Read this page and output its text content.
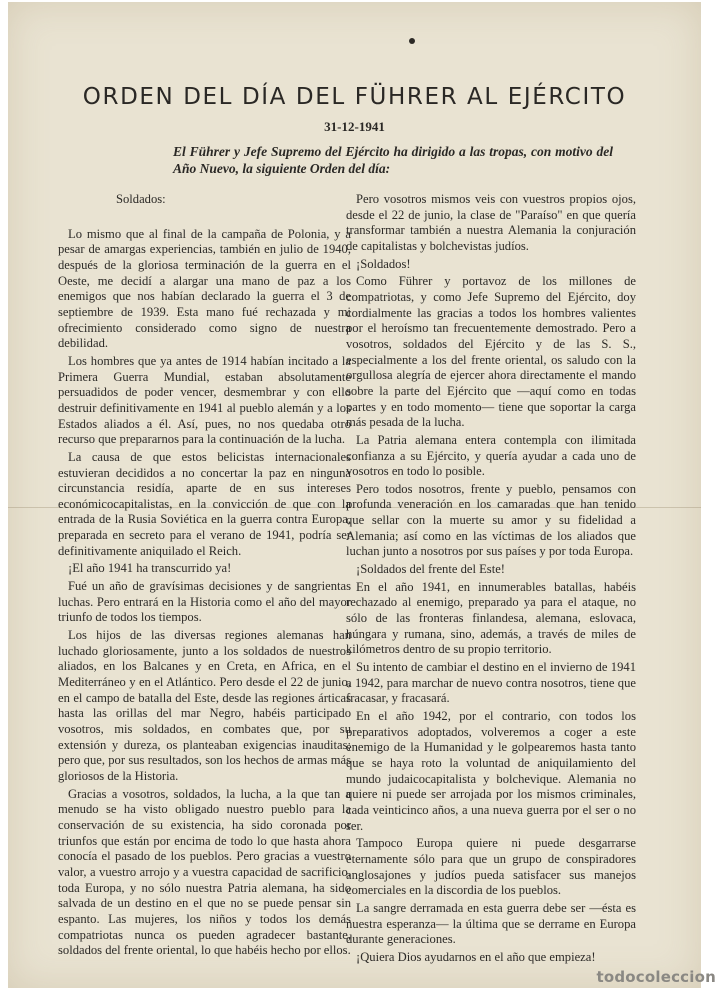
ORDEN DEL DÍA DEL FÜHRER AL EJÉRCITO
31-12-1941

El Führer y Jefe Supremo del Ejército ha dirigido a las tropas, con motivo del Año Nuevo, la siguiente Orden del día:

Soldados:

Lo mismo que al final de la campaña de Polonia, y a pesar de amargas experiencias, también en julio de 1940, después de la gloriosa terminación de la guerra en el Oeste, me decidí a alargar una mano de paz a los enemigos que nos habían declarado la guerra el 3 de septiembre de 1939. Esta mano fué rechazada y mi ofrecimiento considerado como signo de nuestra debilidad.

Los hombres que ya antes de 1914 habían incitado a la Primera Guerra Mundial, estaban absolutamente persuadidos de poder vencer, desmembrar y con ello destruir definitivamente en 1941 al pueblo alemán y a los Estados aliados a él. Así, pues, no nos quedaba otro recurso que prepararnos para la continuación de la lucha.

La causa de que estos belicistas internacionales estuvieran decididos a no concertar la paz en ninguna circunstancia residía, aparte de en sus intereses económicocapitalistas, en la convicción de que con la entrada de la Rusia Soviética en la guerra contra Europa, preparada en secreto para el verano de 1941, podría ser definitivamente aniquilado el Reich.

¡El año 1941 ha transcurrido ya!

Fué un año de gravísimas decisiones y de sangrientas luchas. Pero entrará en la Historia como el año del mayor triunfo de todos los tiempos.

Los hijos de las diversas regiones alemanas han luchado gloriosamente, junto a los soldados de nuestros aliados, en los Balcanes y en Creta, en Africa, en el Mediterráneo y en el Atlántico. Pero desde el 22 de junio, en el campo de batalla del Este, desde las regiones árticas hasta las orillas del mar Negro, habéis participado vosotros, mis soldados, en combates que, por su extensión y dureza, os planteaban exigencias inauditas; pero que, por sus resultados, son los hechos de armas más gloriosos de la Historia.

Gracias a vosotros, soldados, la lucha, a la que tan a menudo se ha visto obligado nuestro pueblo para la conservación de su existencia, ha sido coronada por triunfos que están por encima de todo lo que hasta ahora conocía el pasado de los pueblos. Pero gracias a vuestro valor, a vuestro arrojo y a vuestra capacidad de sacrificio, toda Europa, y no sólo nuestra Patria alemana, ha sido salvada de un destino en el que no se puede pensar sin espanto. Las mujeres, los niños y todos los demás compatriotas nunca os pueden agradecer bastante, soldados del frente oriental, lo que habéis hecho por ellos.

Pero vosotros mismos veis con vuestros propios ojos, desde el 22 de junio, la clase de "Paraíso" en que quería transformar también a nuestra Alemania la conjuración de capitalistas y bolchevistas judíos.

¡Soldados!

Como Führer y portavoz de los millones de compatriotas, y como Jefe Supremo del Ejército, doy cordialmente las gracias a todos los hombres valientes por el heroísmo tan frecuentemente demostrado. Pero a vosotros, soldados del Ejército y de las S. S., especialmente a los del frente oriental, os saludo con la orgullosa alegría de ejercer ahora directamente el mando sobre la parte del Ejército que —aquí como en todas partes y en todo momento— tiene que soportar la carga más pesada de la lucha.

La Patria alemana entera contempla con ilimitada confianza a su Ejército, y quería ayudar a cada uno de vosotros en todo lo posible.

Pero todos nosotros, frente y pueblo, pensamos con profunda veneración en los camaradas que han tenido que sellar con la muerte su amor y su fidelidad a Alemania; así como en las víctimas de los aliados que luchan junto a nosotros por sus países y por toda Europa.

¡Soldados del frente del Este!

En el año 1941, en innumerables batallas, habéis rechazado al enemigo, preparado ya para el ataque, no sólo de las fronteras finlandesa, alemana, eslovaca, húngara y rumana, sino, además, a través de miles de kilómetros dentro de su propio territorio.

Su intento de cambiar el destino en el invierno de 1941 a 1942, para marchar de nuevo contra nosotros, tiene que fracasar, y fracasará.

En el año 1942, por el contrario, con todos los preparativos adoptados, volveremos a coger a este enemigo de la Humanidad y le golpearemos hasta tanto que se haya roto la voluntad de aniquilamiento del mundo judaicocapitalista y bolchevique. Alemania no quiere ni puede ser arrojada por los mismos criminales, cada veinticinco años, a una nueva guerra por el ser o no ser.

Tampoco Europa quiere ni puede desgarrarse eternamente sólo para que un grupo de conspiradores anglosajones y judíos pueda satisfacer sus manejos comerciales en la discordia de los pueblos.

La sangre derramada en esta guerra debe ser —ésta es nuestra esperanza— la última que se derrame en Europa durante generaciones.

¡Quiera Dios ayudarnos en el año que empieza!

todocoleccion
